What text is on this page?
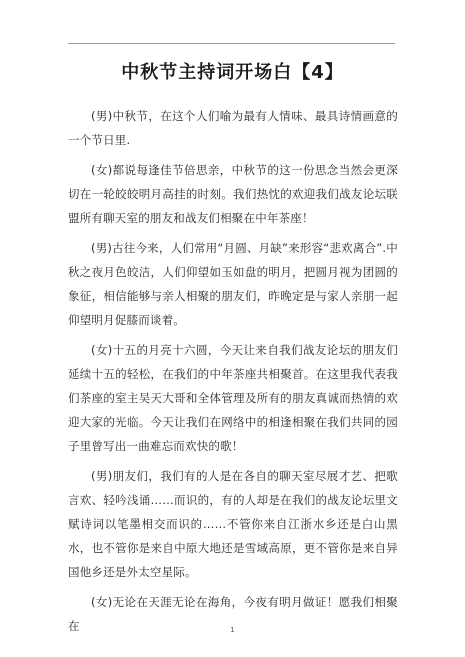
中秋节主持词开场白【4】

(男)中秋节，在这个人们喻为最有人情味、最具诗情画意的一个节日里.

(女)都说每逢佳节倍思亲，中秋节的这一份思念当然会更深切在一轮皎皎明月高挂的时刻。我们热忱的欢迎我们战友论坛联盟所有聊天室的朋友和战友们相聚在中年茶座！

(男)古往今来，人们常用“月圆、月缺”来形容“悲欢离合”.中秋之夜月色皎洁，人们仰望如玉如盘的明月，把圆月视为团圆的象征，相信能够与亲人相聚的朋友们，昨晚定是与家人亲朋一起仰望明月促膝而谈着。

(女)十五的月亮十六圆，今天让来自我们战友论坛的朋友们延续十五的轻松，在我们的中年茶座共相聚首。在这里我代表我们茶座的室主吴天大哥和全体管理及所有的朋友真诚而热情的欢迎大家的光临。今天让我们在网络中的相逢相聚在我们共同的园子里曾写出一曲难忘而欢快的歌！

(男)朋友们，我们有的人是在各自的聊天室尽展才艺、把歌言欢、轻吟浅诵……而识的，有的人却是在我们的战友论坛里文赋诗词以笔墨相交而识的……不管你来自江浙水乡还是白山黑水，也不管你是来自中原大地还是雪域高原，更不管你是来自异国他乡还是外太空星际。

(女)无论在天涯无论在海角，今夜有明月做证！愿我们相聚在	1
